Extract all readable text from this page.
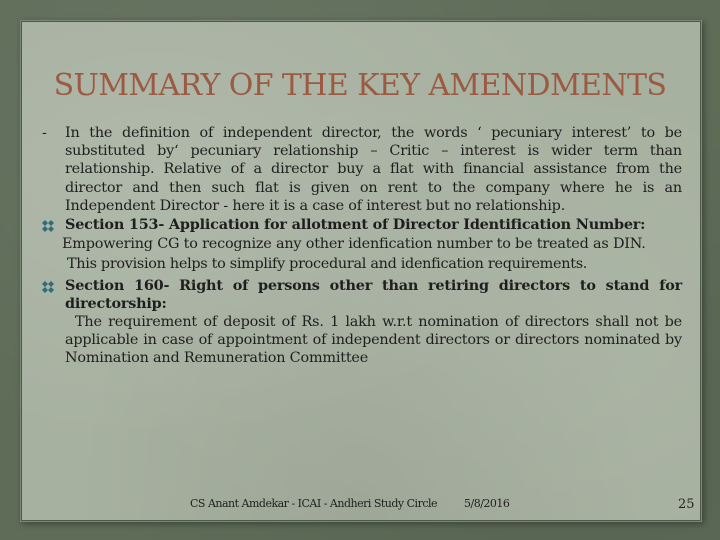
SUMMARY OF THE KEY AMENDMENTS
-	In the definition of independent director, the words ‘ pecuniary interest’ to be substituted by‘ pecuniary relationship – Critic – interest is wider term than relationship. Relative of a director buy a flat with financial assistance from the director and then such flat is given on rent to the company where he is an Independent Director - here it is a case of interest but no relationship.
Section 153- Application for allotment of Director Identification Number:
Empowering CG to recognize any other idenfication number to be treated as DIN.
This provision helps to simplify procedural and idenfication requirements.
Section 160- Right of persons other than retiring directors to stand for directorship:
The requirement of deposit of Rs. 1 lakh w.r.t nomination of directors shall not be applicable in case of appointment of independent directors or directors nominated by Nomination and Remuneration Committee
CS Anant Amdekar - ICAI - Andheri Study Circle 5/8/2016	25
